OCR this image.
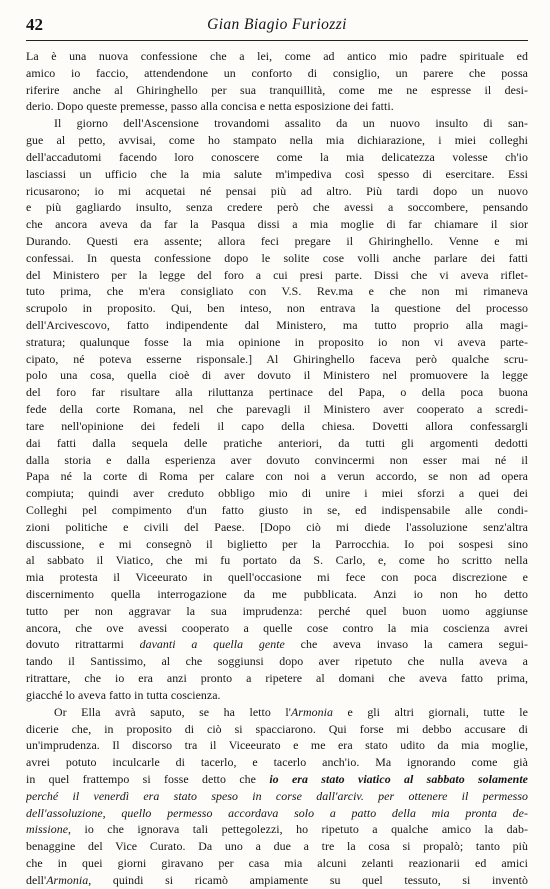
42	Gian Biagio Furiozzi
La è una nuova confessione che a lei, come ad antico mio padre spirituale ed
amico io faccio, attendendone un conforto di consiglio, un parere che possa
riferire anche al Ghiringhello per sua tranquillità, come me ne espresse il desi-
derio. Dopo queste premesse, passo alla concisa e netta esposizione dei fatti.
Il giorno dell'Ascensione trovandomi assalito da un nuovo insulto di san-
gue al petto, avvisai, come ho stampato nella mia dichiarazione, i miei colleghi
dell'accadutomi facendo loro conoscere come la mia delicatezza volesse ch'io
lasciassi un ufficio che la mia salute m'impediva così spesso di esercitare. Essi
ricusarono; io mi acquetai né pensai più ad altro. Più tardi dopo un nuovo
e più gagliardo insulto, senza credere però che avessi a soccombere, pensando
che ancora aveva da far la Pasqua dissi a mia moglie di far chiamare il sior
Durando. Questi era assente; allora feci pregare il Ghiringhello. Venne e mi
confessai. In questa confessione dopo le solite cose volli anche parlare dei fatti
del Ministero per la legge del foro a cui presi parte. Dissi che vi aveva riflet-
tuto prima, che m'era consigliato con V.S. Rev.ma e che non mi rimaneva
scrupolo in proposito. Qui, ben inteso, non entrava la questione del processo
dell'Arcivescovo, fatto indipendente dal Ministero, ma tutto proprio alla magi-
stratura; qualunque fosse la mia opinione in proposito io non vi aveva parte-
cipato, né poteva esserne risponsale.] Al Ghiringhello faceva però qualche scru-
polo una cosa, quella cioè di aver dovuto il Ministero nel promuovere la legge
del foro far risultare alla riluttanza pertinace del Papa, o della poca buona
fede della corte Romana, nel che parevagli il Ministero aver cooperato a scredi-
tare nell'opinione dei fedeli il capo della chiesa. Dovetti allora confessargli
dai fatti dalla sequela delle pratiche anteriori, da tutti gli argomenti dedotti
dalla storia e dalla esperienza aver dovuto convincermi non esser mai né il
Papa né la corte di Roma per calare con noi a verun accordo, se non ad opera
compiuta; quindi aver creduto obbligo mio di unire i miei sforzi a quei dei
Colleghi pel compimento d'un fatto giusto in se, ed indispensabile alle condi-
zioni politiche e civili del Paese. [Dopo ciò mi diede l'assoluzione senz'altra
discussione, e mi consegnò il biglietto per la Parrocchia. Io poi sospesi sino
al sabbato il Viatico, che mi fu portato da S. Carlo, e, come ho scritto nella
mia protesta il Viceeurato in quell'occasione mi fece con poca discrezione e
discernimento quella interrogazione da me pubblicata. Anzi io non ho detto
tutto per non aggravar la sua imprudenza: perché quel buon uomo aggiunse
ancora, che ove avessi cooperato a quelle cose contro la mia coscienza avrei
dovuto ritrattarmi davanti a quella gente che aveva invaso la camera segui-
tando il Santissimo, al che soggiunsi dopo aver ripetuto che nulla aveva a
ritrattare, che io era anzi pronto a ripetere al domani che aveva fatto prima,
giacché lo aveva fatto in tutta coscienza.
Or Ella avrà saputo, se ha letto l'Armonia e gli altri giornali, tutte le
dicerie che, in proposito di ciò si spacciarono. Qui forse mi debbo accusare di
un'imprudenza. Il discorso tra il Viceeurato e me era stato udito da mia moglie,
avrei potuto inculcarle di tacerlo, e tacerlo anch'io. Ma ignorando come già
in quel frattempo si fosse detto che io era stato viatico al sabbato solamente
perché il venerdì era stato speso in corse dall'arciv. per ottenere il permesso
dell'assoluzione, quello permesso accordava solo a patto della mia pronta de-
missione, io che ignorava tali pettegolezzi, ho ripetuto a qualche amico la dab-
benaggine del Vice Curato. Da uno a due a tre la cosa si propalò; tanto più
che in quei giorni giravano per casa mia alcuni zelanti reazionarii ed amici
dell'Armonia, quindi si ricamò ampiamente su quel tessuto, si inventò
